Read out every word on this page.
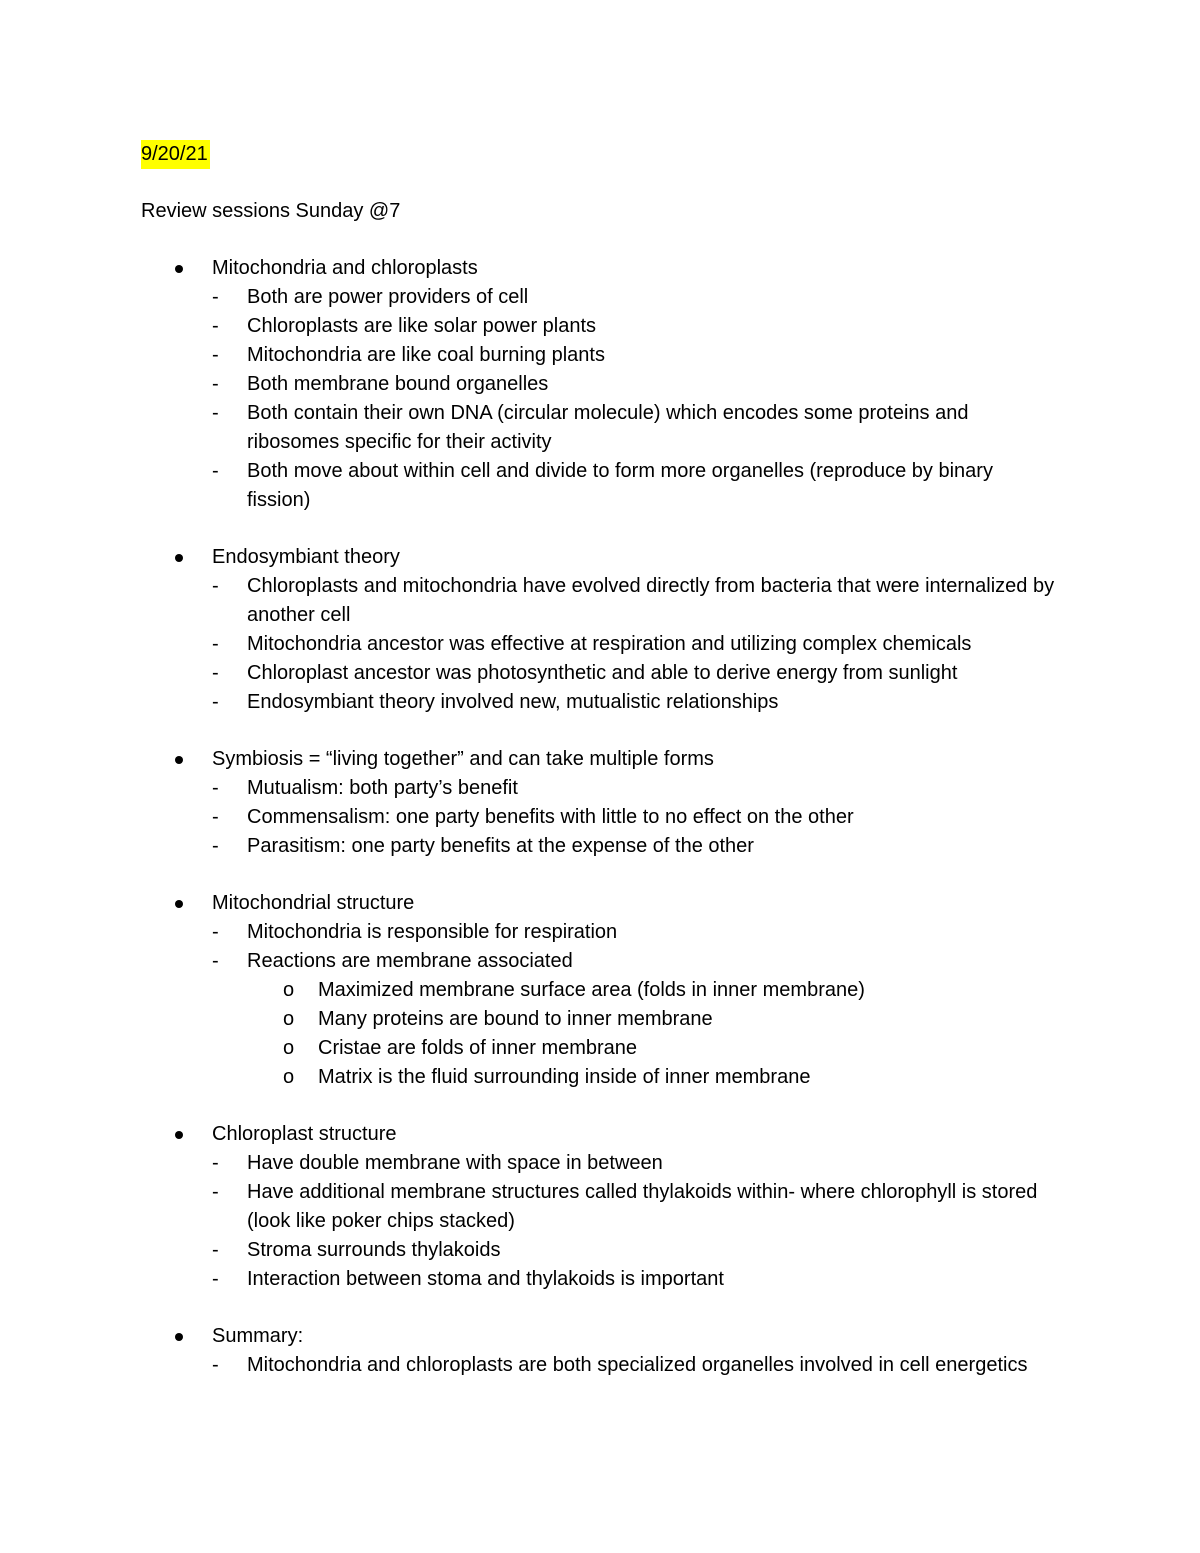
9/20/21
Review sessions Sunday @7
Mitochondria and chloroplasts
- Both are power providers of cell
- Chloroplasts are like solar power plants
- Mitochondria are like coal burning plants
- Both membrane bound organelles
- Both contain their own DNA (circular molecule) which encodes some proteins and ribosomes specific for their activity
- Both move about within cell and divide to form more organelles (reproduce by binary fission)
Endosymbiant theory
- Chloroplasts and mitochondria have evolved directly from bacteria that were internalized by another cell
- Mitochondria ancestor was effective at respiration and utilizing complex chemicals
- Chloroplast ancestor was photosynthetic and able to derive energy from sunlight
- Endosymbiant theory involved new, mutualistic relationships
Symbiosis = “living together” and can take multiple forms
- Mutualism: both party’s benefit
- Commensalism: one party benefits with little to no effect on the other
- Parasitism: one party benefits at the expense of the other
Mitochondrial structure
- Mitochondria is responsible for respiration
- Reactions are membrane associated
o Maximized membrane surface area (folds in inner membrane)
o Many proteins are bound to inner membrane
o Cristae are folds of inner membrane
o Matrix is the fluid surrounding inside of inner membrane
Chloroplast structure
- Have double membrane with space in between
- Have additional membrane structures called thylakoids within- where chlorophyll is stored (look like poker chips stacked)
- Stroma surrounds thylakoids
- Interaction between stoma and thylakoids is important
Summary:
- Mitochondria and chloroplasts are both specialized organelles involved in cell energetics
